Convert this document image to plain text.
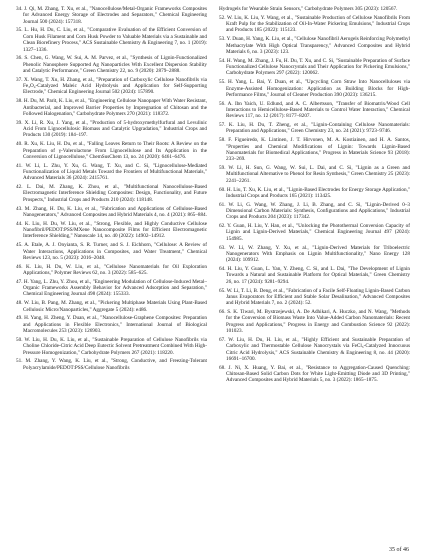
34. J. Qi, M. Zhang, T. Xu, et al., "Nanocellulose/Metal-Organic Frameworks Composites for Advanced Energy Storage of Electrodes and Separators," Chemical Engineering Journal 500 (2024): 157318.

35. L. Hu, H. Du, C. Liu, et al., "Comparative Evaluation of the Efficient Conversion of Corn Husk Filament and Corn Husk Powder to Valuable Materials via a Sustainable and Clean Biorefinery Process," ACS Sustainable Chemistry & Engineering 7, no. 1 (2019): 1327–1336.

36. S. Chen, G. Wang, W. Sui, A. M. Parvez, et al., "Synthesis of Lignin-Functionalized Phenolic Nanosphere Supported Ag Nanoparticles With Excellent Dispersion Stability and Catalytic Performance," Green Chemistry 22, no. 9 (2020): 2879–2888.

37. X. Wang, T. Xu, H. Zhang, et al., "Preparation of Carboxylic Cellulose Nanofibrils via Fe₃O₄-Catalyzed Maleic Acid Hydrolysis and Application for Self-Supporting Electrode," Chemical Engineering Journal 502 (2024): 157890.

38. H. Du, M. Parit, K. Liu, et al., "Engineering Cellulose Nanopaper With Water Resistant, Antibacterial, and Improved Barrier Properties by Impregnation of Chitosan and the Followed Halogenation," Carbohydrate Polymers 270 (2021): 118372.

39. X. Li, R. Xu, J. Yang, et al., "Production of 5-hydroxymethylfurfural and Levulinic Acid From Lignocellulosic Biomass and Catalytic Upgradation," Industrial Crops and Products 130 (2019): 184–197.

40. R. Xu, K. Liu, H. Du, et al., "Falling Leaves Return to Their Roots: A Review on the Preparation of γ-Valerolactone From Lignocellulose and Its Application in the Conversion of Lignocellulose," ChemSusChem 13, no. 24 (2020): 6461–6476.

41. W. Li, L. Zhu, Y. Xu, G. Wang, T. Xu, and C. Si, "Lignocellulose-Mediated Functionalization of Liquid Metals Toward the Frontiers of Multifunctional Materials," Advanced Materials 36 (2024): 2415761.

42. L. Dai, M. Zhang, K. Zhou, et al., "Multifunctional Nanocellulose-Based Electromagnetic Interference Shielding Composites: Design, Functionality, and Future Prospects," Industrial Crops and Products 210 (2024): 118148.

43. M. Zhang, H. Du, K. Liu, et al., "Fabrication and Applications of Cellulose-Based Nanogenerators," Advanced Composites and Hybrid Materials 4, no. 4 (2021): 865–884.

44. K. Liu, H. Du, W. Liu, et al., "Strong, Flexible, and Highly Conductive Cellulose Nanofibril/PEDOT:PSS/MXene Nanocomposite Films for Efficient Electromagnetic Interference Shielding," Nanoscale 14, no. 40 (2022): 14902–14912.

45. A. Etale, A. J. Onyianta, S. R. Turner, and S. J. Eichhorn, "Cellulose: A Review of Water Interactions, Applications in Composites, and Water Treatment," Chemical Reviews 123, no. 5 (2023): 2016–2048.

46. K. Liu, H. Du, W. Liu, et al., "Cellulose Nanomaterials for Oil Exploration Applications," Polymer Reviews 62, no. 3 (2022): 585–625.

47. H. Yang, L. Zhu, Y. Zhou, et al., "Engineering Modulation of Cellulose-Induced Metal–Organic Frameworks Assembly Behavior for Advanced Adsorption and Separation," Chemical Engineering Journal 498 (2024): 155333.

48. W. Liu, B. Pang, M. Zhang, et al., "Pickering Multiphase Materials Using Plant-Based Cellulosic Micro/Nanoparticles," Aggregate 5 (2024): e486.

49. H. Yang, H. Zheng, Y. Duan, et al., "Nanocellulose-Graphene Composites: Preparation and Applications in Flexible Electronics," International Journal of Biological Macromolecules 253 (2023): 126903.

50. W. Liu, H. Du, K. Liu, et al., "Sustainable Preparation of Cellulose Nanofibrils via Choline Chloride-Citric Acid Deep Eutectic Solvent Pretreatment Combined With High-Pressure Homogenization," Carbohydrate Polymers 267 (2021): 118220.

51. M. Zhang, Y. Wang, K. Liu, et al., "Strong, Conductive, and Freezing-Tolerant Polyacrylamide/PEDOT:PSS/Cellulose Nanofibrils

Hydrogels for Wearable Strain Sensors," Carbohydrate Polymers 305 (2023): 120567.

52. W. Liu, K. Liu, Y. Wang, et al., "Sustainable Production of Cellulose Nanofibrils From Kraft Pulp for the Stabilization of Oil-In-Water Pickering Emulsions," Industrial Crops and Products 185 (2022): 115123.

53. Y. Duan, H. Yang, K. Liu, et al., "Cellulose Nanofibril Aerogels Reinforcing Polymethyl Methacrylate With High Optical Transparency," Advanced Composites and Hybrid Materials 6, no. 3 (2023): 123.

54. H. Wang, M. Zhang, J. Fu, H. Du, T. Xu, and C. Si, "Sustainable Preparation of Surface Functionalized Cellulose Nanocrystals and Their Application for Pickering Emulsions," Carbohydrate Polymers 297 (2022): 120062.

55. H. Yang, L. Bai, Y. Duan, et al., "Upcycling Corn Straw Into Nanocelluloses via Enzyme-Assisted Homogenization: Application as Building Blocks for High-Performance Films," Journal of Cleaner Production 390 (2023): 136215.

56. A. Ibn Yaich, U. Edlund, and A. C. Albertsson, "Transfer of Biomatrix/Wood Cell Interactions to Hemicellulose-Based Materials to Control Water Interaction," Chemical Reviews 117, no. 12 (2017): 8177–8207.

57. K. Liu, H. Du, T. Zheng, et al., "Lignin-Containing Cellulose Nanomaterials: Preparation and Applications," Green Chemistry 23, no. 24 (2021): 9723–9746.

58. F. Figueiredo, K. Lintinen, J. T. Hirvonen, M. A. Kostiainen, and H. A. Santos, "Properties and Chemical Modifications of Lignin: Towards Lignin-Based Nanomaterials for Biomedical Applications," Progress in Materials Science 93 (2018): 233–269.

59. W. Li, H. Sun, G. Wang, W. Sui, L. Dai, and C. Si, "Lignin as a Green and Multifunctional Alternative to Phenol for Resin Synthesis," Green Chemistry 25 (2023): 2241–2261.

60. H. Liu, T. Xu, K. Liu, et al., "Lignin-Based Electrodes for Energy Storage Application," Industrial Crops and Products 165 (2021): 113425.

61. W. Li, G. Wang, W. Zhang, J. Li, B. Zhang, and C. Si, "Lignin-Derived 0–3 Dimensional Carbon Materials: Synthesis, Configurations and Applications," Industrial Crops and Products 204 (2023): 117342.

62. Y. Guan, H. Liu, Y. Han, et al., "Unlocking the Photothermal Conversion Capacity of Lignin and Lignin-Derived Materials," Chemical Engineering Journal 497 (2024): 154985.

63. W. Li, W. Zhang, Y. Xu, et al., "Lignin-Derived Materials for Triboelectric Nanogenerators With Emphasis on Lignin Multifunctionality," Nano Energy 128 (2024): 109912.

64. H. Liu, Y. Guan, L. Yan, Y. Zheng, C. Si, and L. Dai, "The Development of Lignin Towards a Natural and Sustainable Platform for Optical Materials," Green Chemistry 26, no. 17 (2024): 9281–9294.

65. W. Li, T. Li, B. Deng, et al., "Fabrication of a Facile Self-Floating Lignin-Based Carbon Janus Evaporators for Efficient and Stable Solar Desalination," Advanced Composites and Hybrid Materials 7, no. 2 (2024): 52.

66. S. K. Tiwari, M. Bystrzejewski, A. De Adhikari, A. Huczko, and N. Wang, "Methods for the Conversion of Biomass Waste Into Value-Added Carbon Nanomaterials: Recent Progress and Applications," Progress in Energy and Combustion Science 92 (2022): 101023.

67. W. Liu, H. Du, H. Liu, et al., "Highly Efficient and Sustainable Preparation of Carboxylic and Thermostable Cellulose Nanocrystals via FeCl₃-Catalyzed Innocuous Citric Acid Hydrolysis," ACS Sustainable Chemistry & Engineering 8, no. 44 (2020): 16691–16700.

68. J. Ni, X. Huang, Y. Bai, et al., "Resistance to Aggregation-Caused Quenching: Chitosan-Based Solid Carbon Dots for White Light-Emitting Diode and 3D Printing," Advanced Composites and Hybrid Materials 5, no. 3 (2022): 1865–1875.

35 of 46
